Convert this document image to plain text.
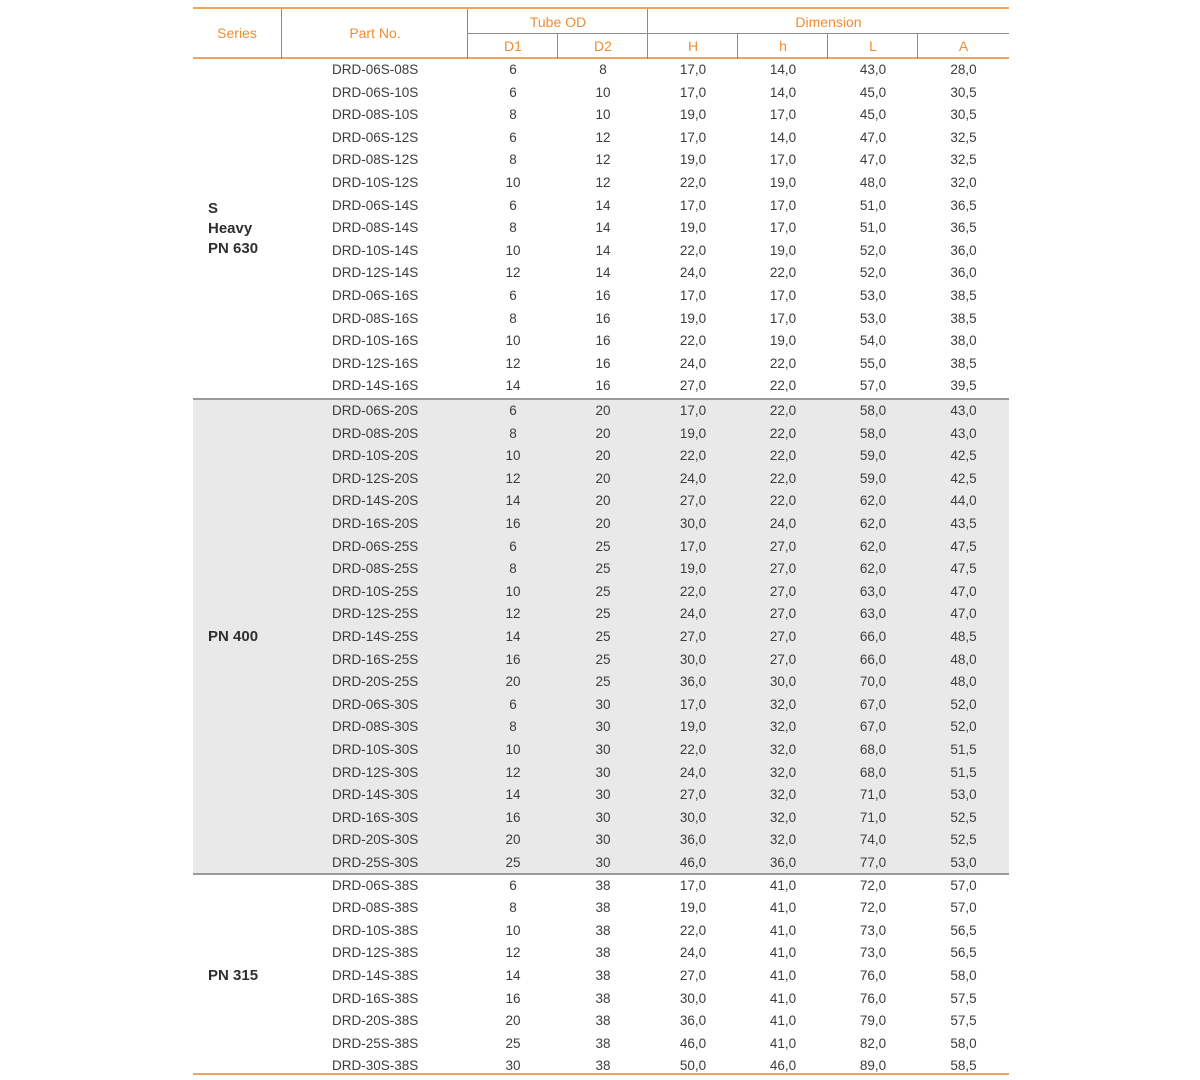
Series	Part No.
Tube OD	Dimension
D1	D2	H	h	L	A
S
Heavy
PN 630
DRD-06S-08S	6	8	17,0	14,0	43,0	28,0
DRD-06S-10S	6	10	17,0	14,0	45,0	30,5
DRD-08S-10S	8	10	19,0	17,0	45,0	30,5
DRD-06S-12S	6	12	17,0	14,0	47,0	32,5
DRD-08S-12S	8	12	19,0	17,0	47,0	32,5
DRD-10S-12S	10	12	22,0	19,0	48,0	32,0
DRD-06S-14S	6	14	17,0	17,0	51,0	36,5
DRD-08S-14S	8	14	19,0	17,0	51,0	36,5
DRD-10S-14S	10	14	22,0	19,0	52,0	36,0
DRD-12S-14S	12	14	24,0	22,0	52,0	36,0
DRD-06S-16S	6	16	17,0	17,0	53,0	38,5
DRD-08S-16S	8	16	19,0	17,0	53,0	38,5
DRD-10S-16S	10	16	22,0	19,0	54,0	38,0
DRD-12S-16S	12	16	24,0	22,0	55,0	38,5
DRD-14S-16S	14	16	27,0	22,0	57,0	39,5
PN 400
DRD-06S-20S	6	20	17,0	22,0	58,0	43,0
DRD-08S-20S	8	20	19,0	22,0	58,0	43,0
DRD-10S-20S	10	20	22,0	22,0	59,0	42,5
DRD-12S-20S	12	20	24,0	22,0	59,0	42,5
DRD-14S-20S	14	20	27,0	22,0	62,0	44,0
DRD-16S-20S	16	20	30,0	24,0	62,0	43,5
DRD-06S-25S	6	25	17,0	27,0	62,0	47,5
DRD-08S-25S	8	25	19,0	27,0	62,0	47,5
DRD-10S-25S	10	25	22,0	27,0	63,0	47,0
DRD-12S-25S	12	25	24,0	27,0	63,0	47,0
DRD-14S-25S	14	25	27,0	27,0	66,0	48,5
DRD-16S-25S	16	25	30,0	27,0	66,0	48,0
DRD-20S-25S	20	25	36,0	30,0	70,0	48,0
DRD-06S-30S	6	30	17,0	32,0	67,0	52,0
DRD-08S-30S	8	30	19,0	32,0	67,0	52,0
DRD-10S-30S	10	30	22,0	32,0	68,0	51,5
DRD-12S-30S	12	30	24,0	32,0	68,0	51,5
DRD-14S-30S	14	30	27,0	32,0	71,0	53,0
DRD-16S-30S	16	30	30,0	32,0	71,0	52,5
DRD-20S-30S	20	30	36,0	32,0	74,0	52,5
DRD-25S-30S	25	30	46,0	36,0	77,0	53,0
PN 315
DRD-06S-38S	6	38	17,0	41,0	72,0	57,0
DRD-08S-38S	8	38	19,0	41,0	72,0	57,0
DRD-10S-38S	10	38	22,0	41,0	73,0	56,5
DRD-12S-38S	12	38	24,0	41,0	73,0	56,5
DRD-14S-38S	14	38	27,0	41,0	76,0	58,0
DRD-16S-38S	16	38	30,0	41,0	76,0	57,5
DRD-20S-38S	20	38	36,0	41,0	79,0	57,5
DRD-25S-38S	25	38	46,0	41,0	82,0	58,0
DRD-30S-38S	30	38	50,0	46,0	89,0	58,5
